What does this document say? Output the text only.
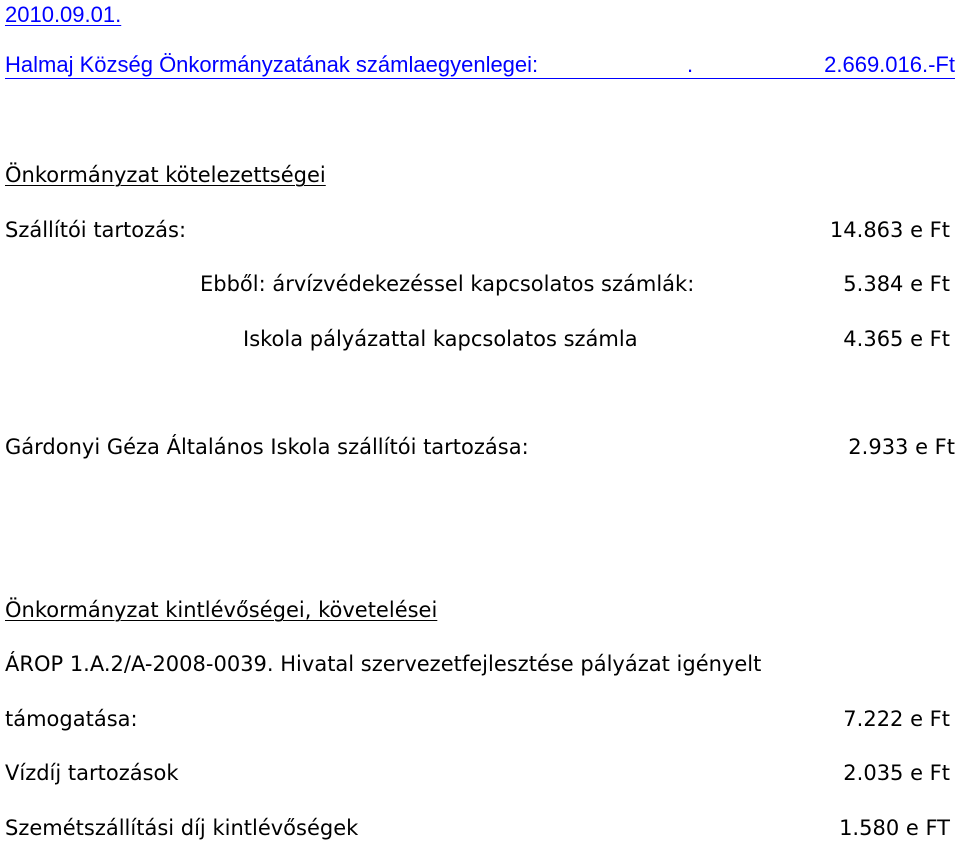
2010.09.01.
Halmaj Község Önkormányzatának számlaegyenlegei:	.	2.669.016.-Ft
Önkormányzat kötelezettségei
Szállítói tartozás:	14.863 e Ft
Ebből: árvízvédekezéssel kapcsolatos számlák:	5.384 e Ft
Iskola pályázattal kapcsolatos számla	4.365 e Ft
Gárdonyi Géza Általános Iskola szállítói tartozása:	2.933 e Ft
Önkormányzat kintlévőségei, követelései
ÁROP 1.A.2/A-2008-0039. Hivatal szervezetfejlesztése pályázat igényelt
támogatása:	7.222 e Ft
Vízdíj tartozások	2.035 e Ft
Szemétszállítási díj kintlévőségek	1.580 e FT
